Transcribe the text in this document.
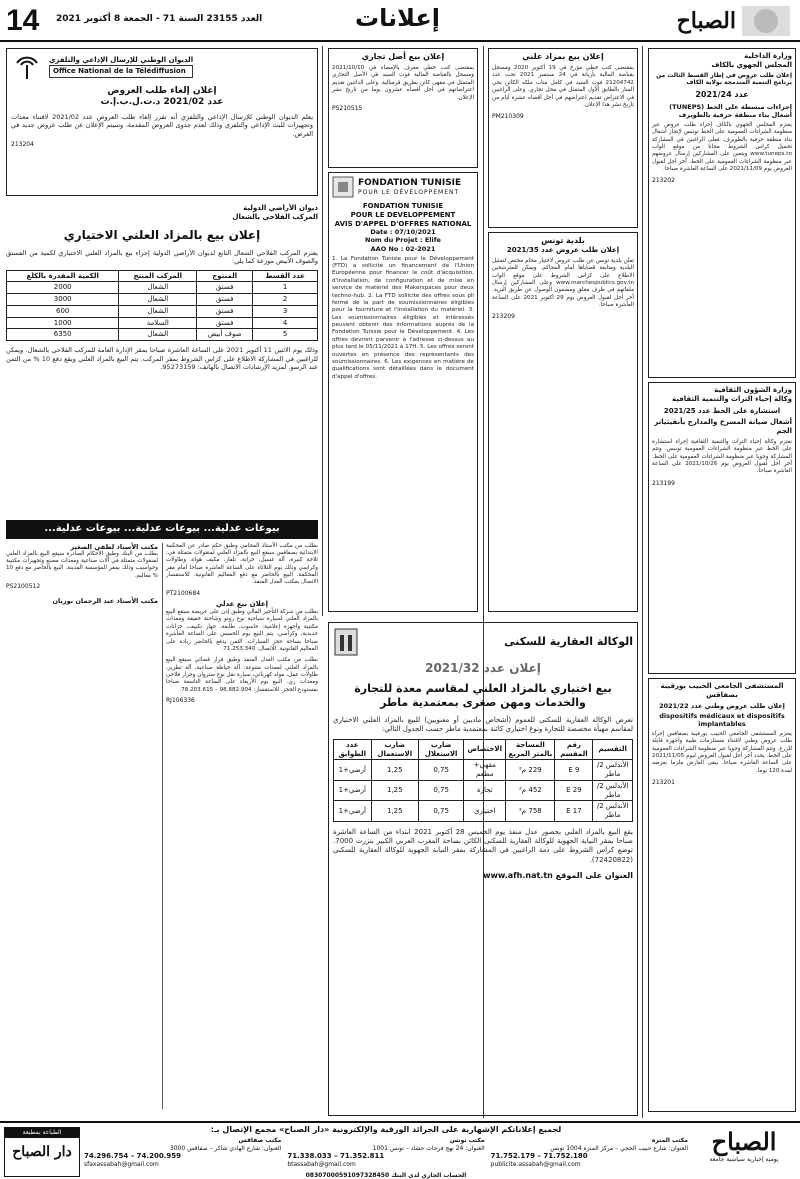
14	العدد 23155 السنة 71 - الجمعة 8 أكتوبر 2021	إعلانات	الصباح
وزارة الداخلية
المجلس الجهوي بالكاف
إعلان طلب عروض في إطار القسط الثالث من برنامج التنمية المندمجة بولاية الكاف
عدد 2021/24
إجراءات مبسطة على الخط (TUNEPS)
أشغال بناء منطقة حرفية بالطويرف
يعتزم المجلس الجهوي بالكاف إجراء طلب عروض عبر منظومة الشراءات العمومية على الخط تونبس لإنجاز أشغال بناء منطقة حرفية بالطويرف. فعلى الراغبين في المشاركة تحميل كراس الشروط مجانا من موقع الواب www.tuneps.tn ويتعين على المشاركين إرسال عروضهم عبر منظومة الشراءات العمومية على الخط. آخر أجل لقبول العروض يوم 2021/11/09 على الساعة العاشرة صباحا.
213202
وزارة الشؤون الثقافية
وكالة إحياء التراث والتنمية الثقافية
استشارة على الخط عدد 2021/25
أشغال صيانة المسرح والمدارج بأنفيثياتر الجم
تعتزم وكالة إحياء التراث والتنمية الثقافية إجراء استشارة على الخط عبر منظومة الشراءات العمومية تونبس. وتتم المشاركة وجوبا عبر منظومة الشراءات العمومية على الخط. آخر أجل لقبول العروض يوم 2021/10/26 على الساعة العاشرة صباحا.
213199
المستشفى الجامعي الحبيب بورقيبة بصفاقس
إعلان طلب عروض وطني عدد 2021/22
dispositifs médicaux et dispositifs implantables
يعتزم المستشفى الجامعي الحبيب بورقيبة بصفاقس إجراء طلب عروض وطني لاقتناء مستلزمات طبية وأجهزة قابلة للزرع. وتتم المشاركة وجوبا عبر منظومة الشراءات العمومية على الخط. يحدد آخر أجل لقبول العروض ليوم 2021/11/05 على الساعة العاشرة صباحا. يبقى العارض ملزما بعرضه لمدة 120 يوما.
213201
إعلان بيع بمزاد علني
بمقتضى كتب خطي مؤرخ في 19 أكتوبر 2020 ومسجل بقباضة المالية بأريانة في 24 سبتمبر 2021 تحت عدد 21204742 فوت السيد في كامل مناب ملكه الكائن بحي المنار بالطابق الأول المتمثل في محل تجاري. وعلى الراغبين في الاعتراض تقديم اعتراضهم في أجل أقصاه عشرة أيام من تاريخ نشر هذا الإعلان.
PM210309
بلدية تونس
إعلان طلب عروض عدد 2021/35
تعلن بلدية تونس عن طلب عروض لاختيار محام مختص لتمثيل البلدية ومتابعة قضاياها أمام المحاكم. ويمكن للمترشحين الاطلاع على كراس الشروط على موقع الواب www.marchespublics.gov.tn وعلى المشاركين إرسال ملفاتهم في ظرف مغلق ومضمون الوصول عن طريق البريد. آخر أجل لقبول العروض يوم 29 أكتوبر 2021 على الساعة العاشرة صباحا.
213209
إعلان بيع أصل تجاري
بمقتضى كتب خطي معرف بالإمضاء في 2021/10/10 ومسجل بالقباضة المالية فوت السيد في الأصل التجاري المتمثل في مقهى كائن بطريق قرمبالية. وعلى الدائنين تقديم اعتراضاتهم في أجل أقصاه عشرون يوما من تاريخ نشر الإعلان.
PS210515
FONDATION TUNISIE
POUR LE DÉVELOPPEMENT
FONDATION TUNISIE
POUR LE DEVELOPPEMENT
AVIS D'APPEL D'OFFRES NATIONAL
Date : 07/10/2021
Nom du Projet : Elife
AAO No : 02-2021
1. La Fondation Tunisie pour le Développement (FTD) a sollicité un financement de l'Union Européenne pour financer le coût d'acquisition, d'installation, de configuration et de mise en service de matériel des Makerspaces pour deux techno-hub. 2. La FTD sollicite des offres sous pli fermé de la part de soumissionnaires éligibles pour la fourniture et l'installation du matériel. 3. Les soumissionnaires éligibles et intéressés peuvent obtenir des informations auprès de la Fondation Tunisie pour le Développement. 4. Les offres devront parvenir à l'adresse ci-dessus au plus tard le 05/11/2021 à 17H. 5. Les offres seront ouvertes en présence des représentants des soumissionnaires. 6. Les exigences en matière de qualifications sont détaillées dans le document d'appel d'offres.
الوكالة العقارية للسكنى
إعلان عدد 2021/32
بيع اختياري بالمزاد العلني لمقاسم معدة للتجارة والخدمات ومهن صغرى بمعتمدية ماطر
تعرض الوكالة العقارية للسكنى للعموم (أشخاص ماديين أو معنويين) للبيع بالمزاد العلني الاختياري لمقاسم مهيأة مخصصة للتجارة ونوع اختياري كائنة بمعتمدية ماطر حسب الجدول التالي:
التقسيم	رقم المقسم	المساحة بالمتر المربع	الاختصاص	ضارب الاستغلال	ضارب الاستعمال	عدد الطوابق
الأندلس 2/ماطر	E 9	229 م²	مقهى+ مطعم	0,75	1,25	أرضي+1
الأندلس 2/ماطر	E 29	452 م²	تجارة	0,75	1,25	أرضي+1
الأندلس 2/ماطر	E 17	758 م²	اختياري	0,75	1,25	أرضي+1
يقع البيع بالمزاد العلني بحضور عدل منفذ يوم الخميس 28 أكتوبر 2021 ابتداء من الساعة العاشرة صباحا بمقر النيابة الجهوية للوكالة العقارية للسكنى الكائن بساحة المغرب العربي الكبير بنزرت 7000. توضع كراس الشروط على ذمة الراغبين في المشاركة بمقر النيابة الجهوية للوكالة العقارية للسكنى (72420822).
العنوان على الموقع www.afh.nat.tn
الديوان الوطني للإرسال الإذاعي والتلفزي
Office National de la Télédiffusion
إعلان إلغاء طلب العروض
عدد 2021/02 د.ت.ل.ب.إ.ت
يعلم الديوان الوطني للإرسال الإذاعي والتلفزي أنه تقرر إلغاء طلب العروض عدد 2021/02 لاقتناء معدات وتجهيزات للبث الإذاعي والتلفزي وذلك لعدم جدوى العروض المقدمة، وسيتم الإعلان عن طلب عروض جديد في الغرض.
213204
ديوان الأراضي الدولية
المركب الفلاحي بالشعال
إعلان بيع بالمزاد العلني الاختياري
يعتزم المركب الفلاحي الشعال التابع لديوان الأراضي الدولية إجراء بيع بالمزاد العلني الاختياري لكمية من الفستق والصوف الأبيض موزعة كما يلي:
عدد القسط	المنتوج	المركب المنتج	الكمية المقدرة بالكلغ
1	فستق	الشعال	2000
2	فستق	الشعال	3000
3	فستق	الشعال	600
4	فستق	السلامة	1000
5	صوف أبيض	الشعال	6350
وذلك يوم الاثنين 11 أكتوبر 2021 على الساعة العاشرة صباحا بمقر الإدارة العامة للمركب الفلاحي بالشعال. ويمكن للراغبين في المشاركة الاطلاع على كراس الشروط بمقر المركب. يتم البيع بالمزاد العلني ويقع دفع 10 % من الثمن عند الرسو. لمزيد الإرشادات الاتصال بالهاتف: 95273159.
بيوعات عدلية... بيوعات عدلية... بيوعات عدلية...
بطلب من مكتب الأستاذ المحامي وطبق حكم صادر عن المحكمة الابتدائية بصفاقس سيقع البيع بالمزاد العلني لمنقولات متمثلة في: ثلاجة كبيرة، آلة غسيل، خزانة، تلفاز، مكيف هواء، وطاولات وكراسي وذلك يوم الثلاثاء على الساعة العاشرة صباحا أمام مقر المحكمة. البيع بالحاضر مع دفع المعاليم القانونية. للاستفسار الاتصال بمكتب العدل المنفذ.
PT2100684
إعلان بيع عدلي
بطلب من شركة التأجير المالي وطبق إذن على عريضة سيقع البيع بالمزاد العلني لسيارة سياحية نوع رونو وشاحنة خفيفة ومعدات مكتبية وأجهزة إعلامية: حاسوب، طابعة، جهاز تكييف، خزانات حديدية، وكراسي. يتم البيع يوم الخميس على الساعة العاشرة صباحا بساحة حجز السيارات. الثمن يدفع بالحاضر زيادة على المعاليم القانونية. للاتصال: 71.253.340.
بطلب من مكتب العدل المنفذ وطبق قرار قضائي سيقع البيع بالمزاد العلني لمعدات متنوعة: آلة خياطة صناعية، آلة تطريز، طاولات عمل، مولد كهربائي، سيارة نقل نوع ستروان وجرار فلاحي ومعدات ري. البيع يوم الأربعاء على الساعة التاسعة صباحا بمستودع الحجز. للاستفسار: 98.682.904 – 78.203.615.
RJ106336
مكتب الأستاذ لطفي الصغير
بطلب من البنك وطبق الأحكام الصادرة سيقع البيع بالمزاد العلني لمنقولات متمثلة في آلات صناعية ومعدات مصنع وتجهيزات مكتبية وحواسيب وذلك بمقر المؤسسة المدينة. البيع بالحاضر مع دفع 10 % معاليم.
PS2100512
مكتب الأستاذ عبد الرحمان بوزيان
الصباح
يومية إخبارية سياسية جامعة
لجميع إعلاناتكم الإشهارية على الجرائد الورقية والإلكترونية «دار الصباح» مجمع الإتصال بـ:
مكتب المنزه
العنوان: شارع حبيب الحجي – مركز المنزه 1004 تونس
71.752.179 – 71.752.180
publicite.assabah@gmail.com
مكتب تونس
العنوان: 24 نهج فرحات حشاد – تونس 1001
71.338.033 – 71.352.811
btassabah@gmail.com
مكتب صفاقس
العنوان: شارع الهادي شاكر – صفاقس 3000
74.296.754 – 74.200.959
sfaxassabah@gmail.com
الحساب الجاري لدى البنك 08307000591097328450
الطباعة بمطبعة
دار الصباح
